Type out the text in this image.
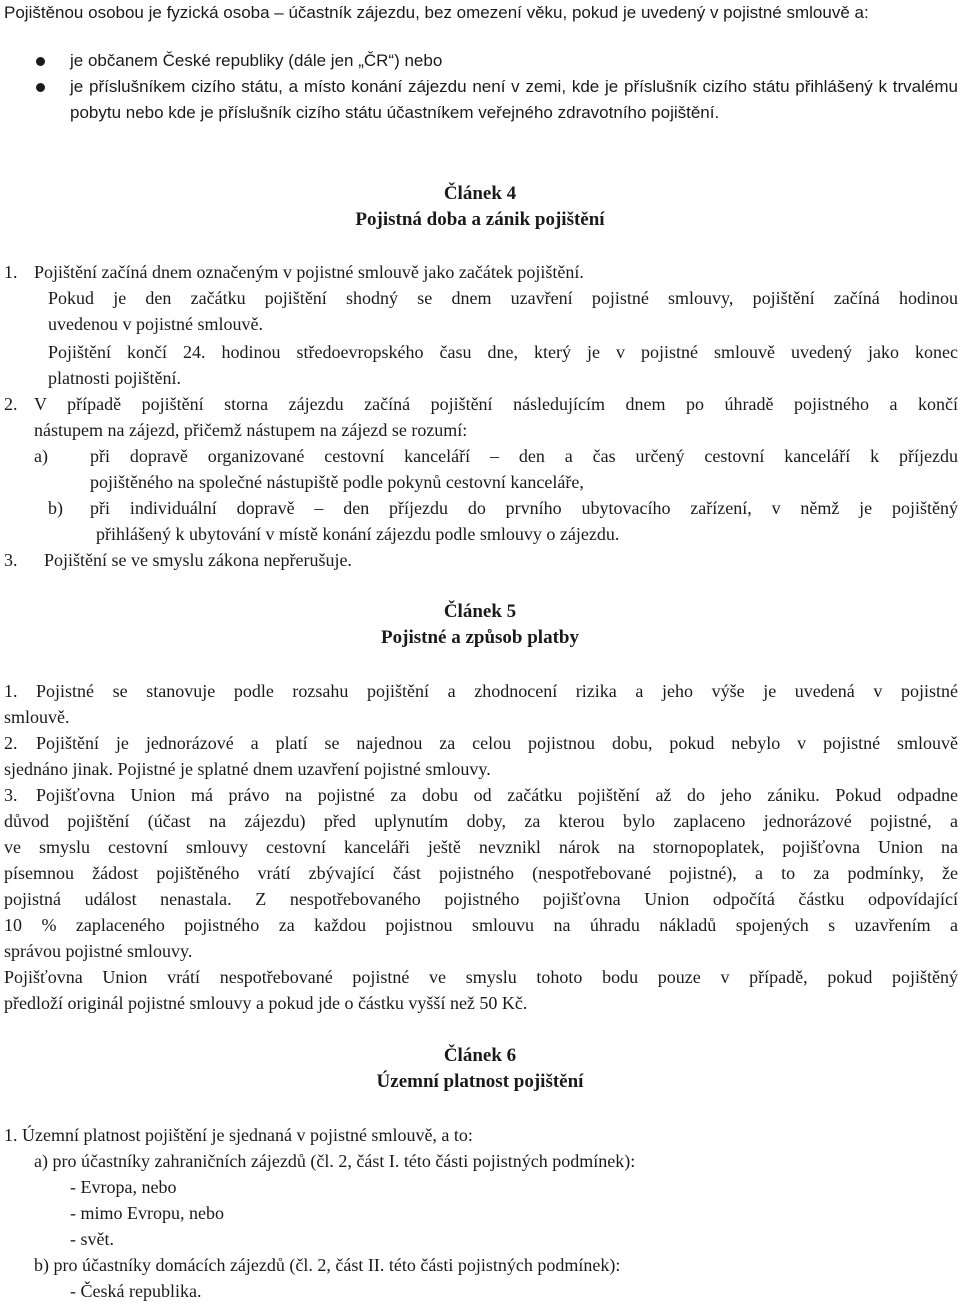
Pojištěnou osobou je fyzická osoba – účastník zájezdu, bez omezení věku, pokud je uvedený v pojistné smlouvě a:
je občanem České republiky (dále jen „ČR“) nebo
je příslušníkem cizího státu, a místo konání zájezdu není v zemi, kde je příslušník cizího státu přihlášený k trvalému pobytu nebo kde je příslušník cizího státu účastníkem veřejného zdravotního pojištění.
Článek 4
Pojistná doba a zánik pojištění
1. Pojištění začíná dnem označeným v pojistné smlouvě jako začátek pojištění.
Pokud je den začátku pojištění shodný se dnem uzavření pojistné smlouvy, pojištění začíná hodinou
uvedenou v pojistné smlouvě.
Pojištění končí 24. hodinou středoevropského času dne, který je v pojistné smlouvě uvedený jako konec
platnosti pojištění.
2. V případě pojištění storna zájezdu začíná pojištění následujícím dnem po úhradě pojistného a končí
nástupem na zájezd, přičemž nástupem na zájezd se rozumí:
a) při dopravě organizované cestovní kanceláří – den a čas určený cestovní kanceláří k příjezdu
pojištěného na společné nástupiště podle pokynů cestovní kanceláře,
b) při individuální dopravě – den příjezdu do prvního ubytovacího zařízení, v němž je pojištěný
přihlášený k ubytování v místě konání zájezdu podle smlouvy o zájezdu.
3. Pojištění se ve smyslu zákona nepřerušuje.
Článek 5
Pojistné a způsob platby
1. Pojistné se stanovuje podle rozsahu pojištění a zhodnocení rizika a jeho výše je uvedená v pojistné
smlouvě.
2. Pojištění je jednorázové a platí se najednou za celou pojistnou dobu, pokud nebylo v pojistné smlouvě
sjednáno jinak. Pojistné je splatné dnem uzavření pojistné smlouvy.
3. Pojišťovna Union má právo na pojistné za dobu od začátku pojištění až do jeho zániku. Pokud odpadne
důvod pojištění (účast na zájezdu) před uplynutím doby, za kterou bylo zaplaceno jednorázové pojistné, a
ve smyslu cestovní smlouvy cestovní kanceláři ještě nevznikl nárok na stornopoplatek, pojišťovna Union na
písemnou žádost pojištěného vrátí zbývající část pojistného (nespotřebované pojistné), a to za podmínky, že
pojistná událost nenastala. Z nespotřebovaného pojistného pojišťovna Union odpočítá částku odpovídající
10 % zaplaceného pojistného za každou pojistnou smlouvu na úhradu nákladů spojených s uzavřením a
správou pojistné smlouvy.
Pojišťovna Union vrátí nespotřebované pojistné ve smyslu tohoto bodu pouze v případě, pokud pojištěný
předloží originál pojistné smlouvy a pokud jde o částku vyšší než 50 Kč.
Článek 6
Územní platnost pojištění
1. Územní platnost pojištění je sjednaná v pojistné smlouvě, a to:
a) pro účastníky zahraničních zájezdů (čl. 2, část I. této části pojistných podmínek):
- Evropa, nebo
- mimo Evropu, nebo
- svět.
b) pro účastníky domácích zájezdů (čl. 2, část II. této části pojistných podmínek):
- Česká republika.
